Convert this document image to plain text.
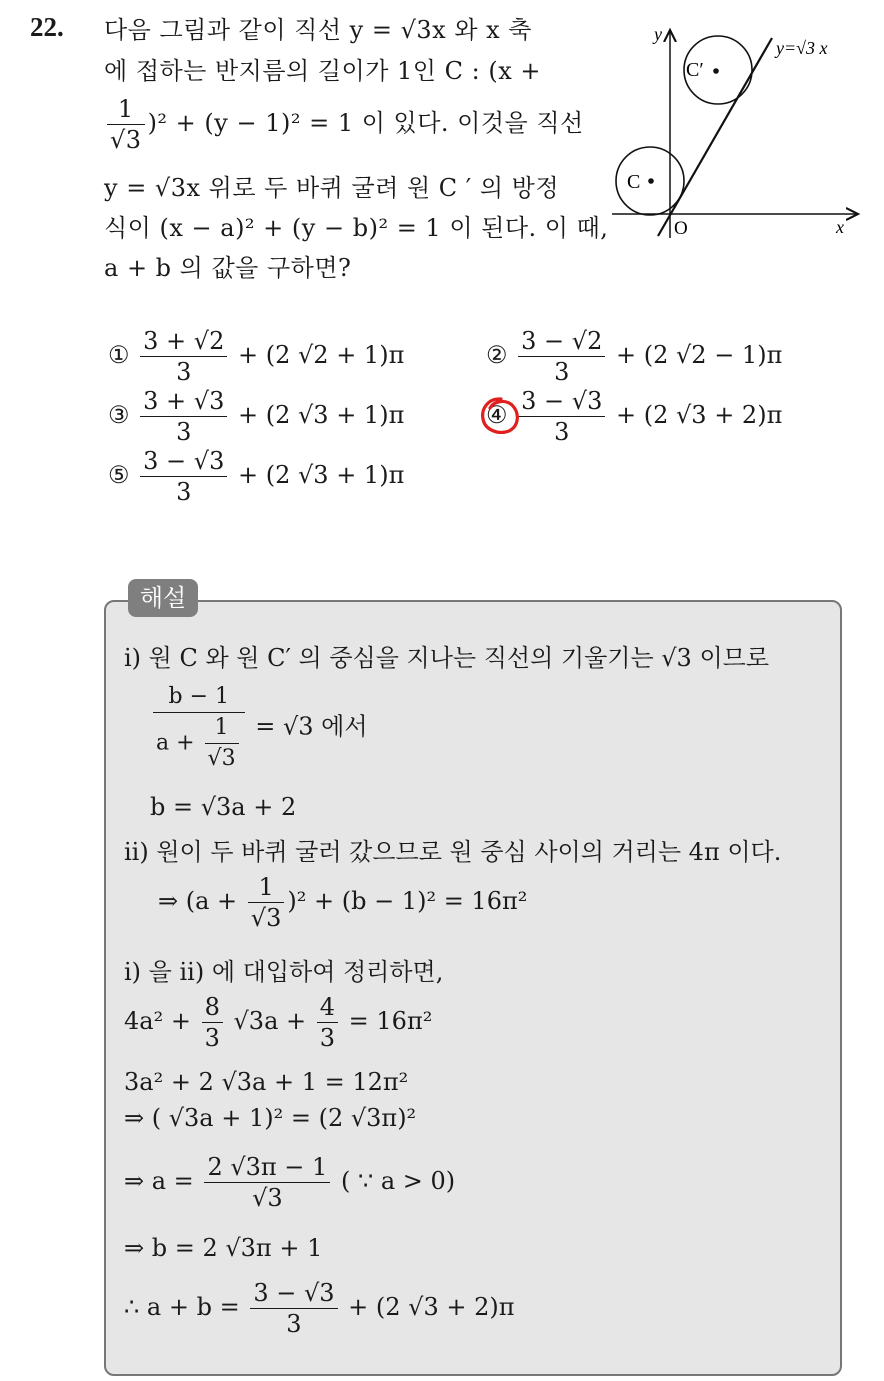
22. 다음 그림과 같이 직선 y = √3x 와 x 축
에 접하는 반지름의 길이가 1인 C : (x +
$\frac{1}{√3} )^2 + (y - 1)^2 = 1$ 이 있다. 이것을 직선
y = √3x 위로 두 바퀴 굴려 원 C ′ 의 방정
식이 (x − a)² + (y − b)² = 1 이 된다. 이 때,
a + b 의 값을 구하면?
C
C′
O
y
x
y=√3 x
① $\frac{3 + √2}{3} + (2$ √2 + 1)π	② $\frac{3 - √2}{3} + (2$ √2 − 1)π
③ $\frac{3 + √3}{3} + (2$ √3 + 1)π	④ $\frac{3 - √3}{3} + (2$ √3 + 2)π
⑤ $\frac{3 - √3}{3} + (2$ √3 + 1)π
해설
i) 원 C 와 원 C′ 의 중심을 지나는 직선의 기울기는 √3 이므로
$\frac{b - 1}{a + \frac{1}{√3}} = √3$ 에서
b = √3a + 2
ii) 원이 두 바퀴 굴러 갔으므로 원 중심 사이의 거리는 4π 이다.
⇒ $(a + \frac{1}{√3} )^2 + (b - 1)^2 = 16\pi^2$
i) 을 ii) 에 대입하여 정리하면,
$4a^2 + \frac{8}{3} √3a + \frac{4}{3} = 16\pi^2$
3a² + 2 √3a + 1 = 12π²
⇒ ( √3a + 1)² = (2 √3π)²
⇒ $a = \frac{2 √3\pi - 1}{√3}$ ( ∵ a > 0)
⇒ b = 2 √3π + 1
∴ $a + b = \frac{3 - √3}{3} + (2$ √3 + 2)π
